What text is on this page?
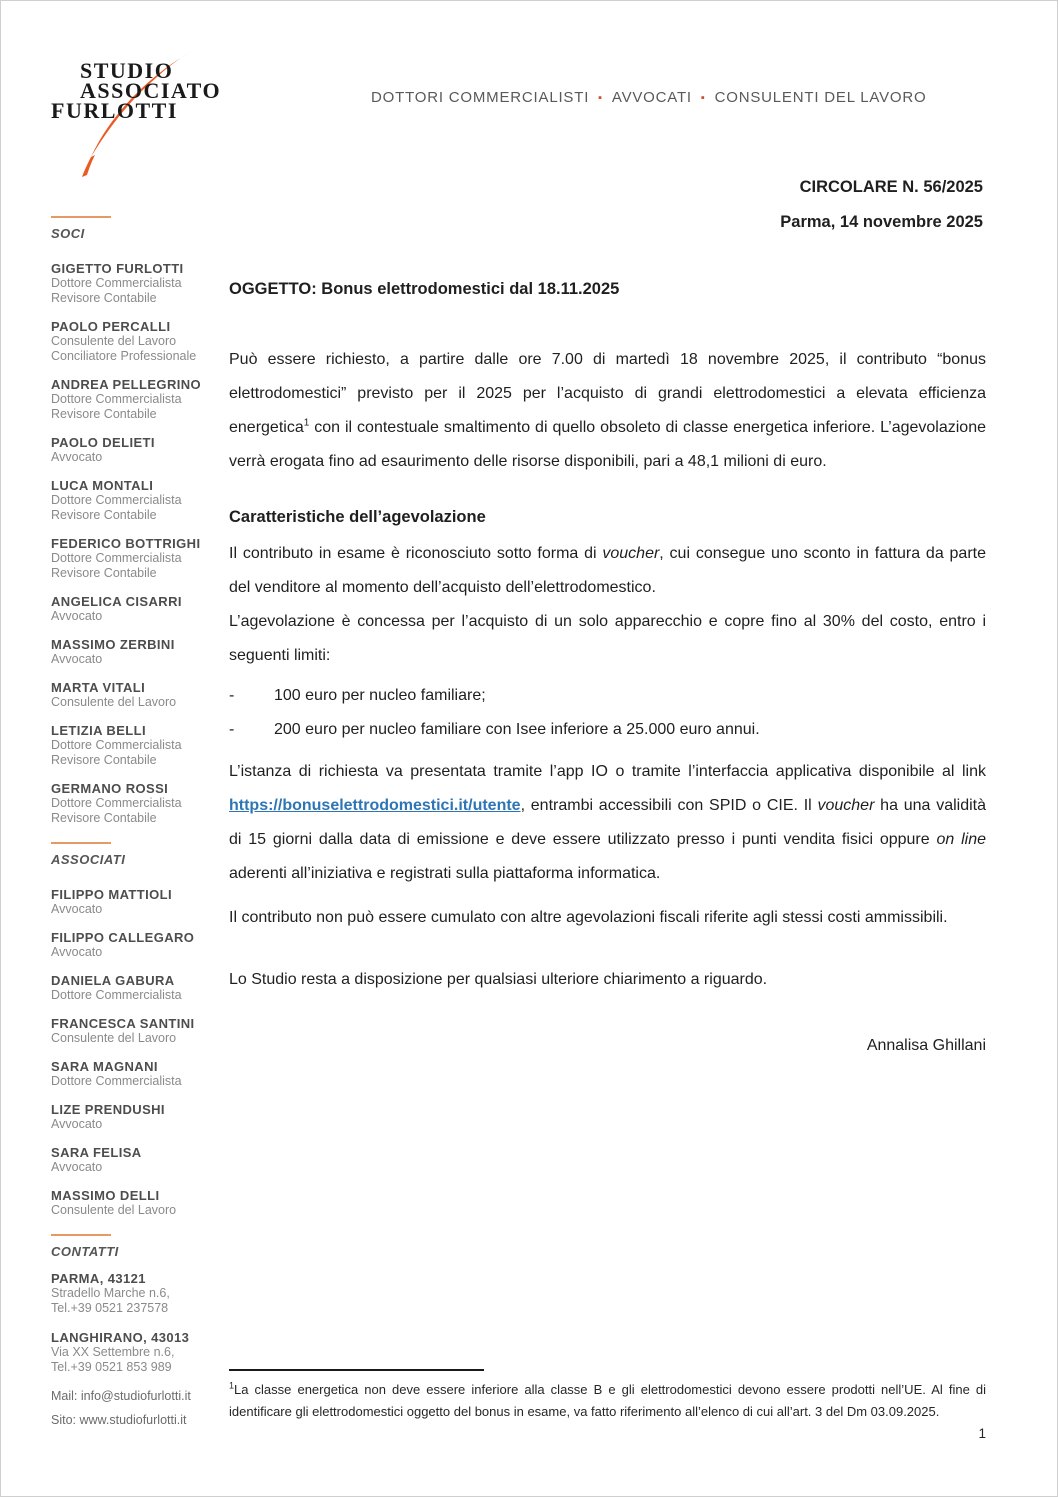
STUDIO
ASSOCIATO
FURLOTTI
DOTTORI COMMERCIALISTI ▪ AVVOCATI ▪ CONSULENTI DEL LAVORO
CIRCOLARE N. 56/2025
Parma, 14 novembre 2025
SOCI
GIGETTO FURLOTTI
Dottore Commercialista
Revisore Contabile
PAOLO PERCALLI
Consulente del Lavoro
Conciliatore Professionale
ANDREA PELLEGRINO
Dottore Commercialista
Revisore Contabile
PAOLO DELIETI
Avvocato
LUCA MONTALI
Dottore Commercialista
Revisore Contabile
FEDERICO BOTTRIGHI
Dottore Commercialista
Revisore Contabile
ANGELICA CISARRI
Avvocato
MASSIMO ZERBINI
Avvocato
MARTA VITALI
Consulente del Lavoro
LETIZIA BELLI
Dottore Commercialista
Revisore Contabile
GERMANO ROSSI
Dottore Commercialista
Revisore Contabile
ASSOCIATI
FILIPPO MATTIOLI
Avvocato
FILIPPO CALLEGARO
Avvocato
DANIELA GABURA
Dottore Commercialista
FRANCESCA SANTINI
Consulente del Lavoro
SARA MAGNANI
Dottore Commercialista
LIZE PRENDUSHI
Avvocato
SARA FELISA
Avvocato
MASSIMO DELLI
Consulente del Lavoro
CONTATTI
PARMA, 43121
Stradello Marche n.6,
Tel.+39 0521 237578
LANGHIRANO, 43013
Via XX Settembre n.6,
Tel.+39 0521 853 989
Mail: info@studiofurlotti.it
Sito: www.studiofurlotti.it
OGGETTO: Bonus elettrodomestici dal 18.11.2025

Può essere richiesto, a partire dalle ore 7.00 di martedì 18 novembre 2025, il contributo “bonus elettrodomestici” previsto per il 2025 per l’acquisto di grandi elettrodomestici a elevata efficienza energetica$^1$ con il contestuale smaltimento di quello obsoleto di classe energetica inferiore. L’agevolazione verrà erogata fino ad esaurimento delle risorse disponibili, pari a 48,1 milioni di euro.

Caratteristiche dell’agevolazione

Il contributo in esame è riconosciuto sotto forma di voucher, cui consegue uno sconto in fattura da parte del venditore al momento dell’acquisto dell’elettrodomestico.

L’agevolazione è concessa per l’acquisto di un solo apparecchio e copre fino al 30% del costo, entro i seguenti limiti:

- 100 euro per nucleo familiare;
- 200 euro per nucleo familiare con Isee inferiore a 25.000 euro annui.

L’istanza di richiesta va presentata tramite l’app IO o tramite l’interfaccia applicativa disponibile al link https://bonuselettrodomestici.it/utente, entrambi accessibili con SPID o CIE. Il voucher ha una validità di 15 giorni dalla data di emissione e deve essere utilizzato presso i punti vendita fisici oppure on line aderenti all’iniziativa e registrati sulla piattaforma informatica.

Il contributo non può essere cumulato con altre agevolazioni fiscali riferite agli stessi costi ammissibili.

Lo Studio resta a disposizione per qualsiasi ulteriore chiarimento a riguardo.

Annalisa Ghillani

$^1$La classe energetica non deve essere inferiore alla classe B e gli elettrodomestici devono essere prodotti nell’UE. Al fine di identificare gli elettrodomestici oggetto del bonus in esame, va fatto riferimento all’elenco di cui all’art. 3 del Dm 03.09.2025.

1
